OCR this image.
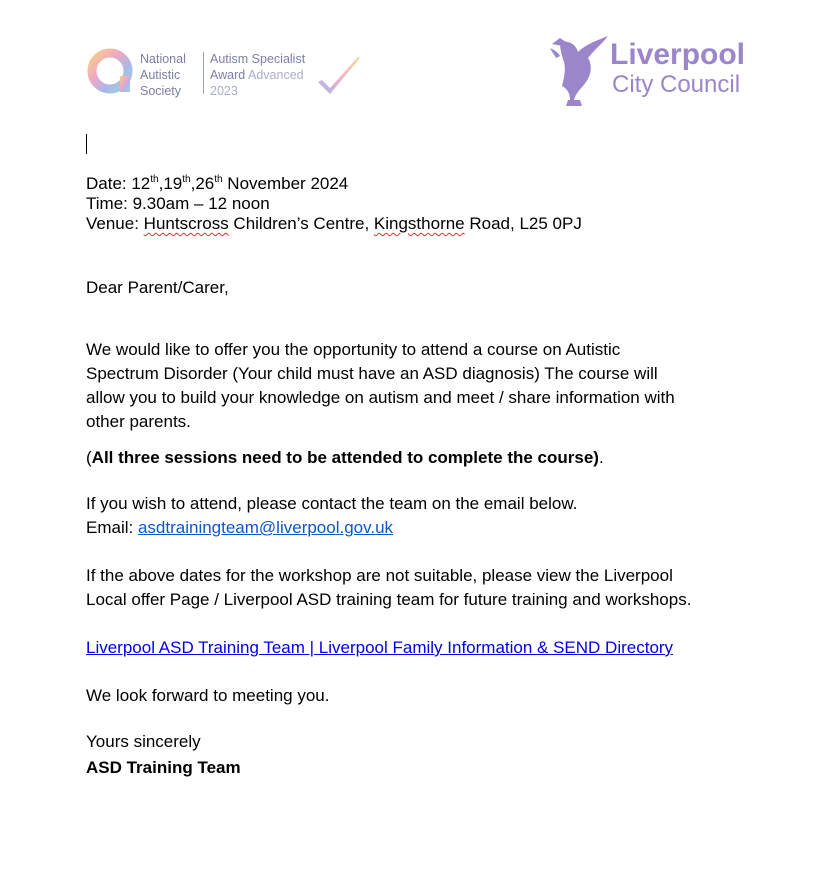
National
Autistic
Society
Autism Specialist
Award Advanced
2023
Liverpool
City Council
Date: 12th,19th,26th November 2024
Time: 9.30am – 12 noon
Venue: Huntscross Children’s Centre, Kingsthorne Road, L25 0PJ
Dear Parent/Carer,
We would like to offer you the opportunity to attend a course on Autistic
Spectrum Disorder (Your child must have an ASD diagnosis) The course will
allow you to build your knowledge on autism and meet / share information with
other parents.
(All three sessions need to be attended to complete the course).
If you wish to attend, please contact the team on the email below.
Email: asdtrainingteam@liverpool.gov.uk
If the above dates for the workshop are not suitable, please view the Liverpool
Local offer Page / Liverpool ASD training team for future training and workshops.
Liverpool ASD Training Team | Liverpool Family Information & SEND Directory
We look forward to meeting you.
Yours sincerely
ASD Training Team
